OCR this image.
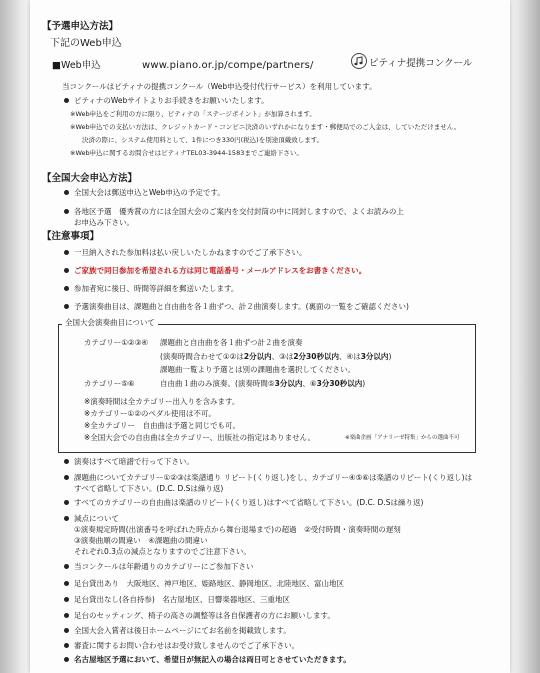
【予選申込方法】
下記のWeb申込
■Web申込	www.piano.or.jp/compe/partners/	ピティナ提携コンクール
当コンクールはピティナの提携コンクール（Web申込受付代行サービス）を利用しています。
ピティナのWebサイトよりお手続きをお願いいたします。
※Web申込をご利用の方に限り、ピティナの「ステージポイント」が加算されます。
※Web申込での支払い方法は、クレジットカード・コンビニ決済のいずれかになります・郵便局でのご入金は、していただけません。
決済の際に、システム使用料として、1件につき330円(税込)を別途頂戴致します。
※Web申込に関するお問合せはピティナTEL03-3944-1583までご連絡下さい。
【全国大会申込方法】
全国大会は郵送申込とWeb申込の予定です。
各地区予選　優秀賞の方には全国大会のご案内を交付封筒の中に同封しますので、よくお読みの上
お申込み下さい。
【注意事項】
一旦納入された参加料は払い戻しいたしかねますのでご了承下さい。
ご家族で同日参加を希望される方は同じ電話番号・メールアドレスをお書きください。
参加者宛に後日、時間等詳細を郵送いたします。
予選演奏曲目は、課題曲と自由曲を各１曲ずつ、計２曲演奏します。(裏面の一覧をご確認ください)
全国大会演奏曲目について
カテゴリー①②③④ 課題曲と自由曲を各１曲ずつ計２曲を演奏
(演奏時間合わせて①②は2分以内、③は2分30秒以内、④は3分以内)
課題曲一覧より予選とは別の課題曲を選択してください。
カテゴリー⑤⑥	自由曲１曲のみ演奏。(演奏時間⑤3分以内、⑥3分30秒以内)
※演奏時間は全カテゴリー出入りを含みます。
※カテゴリー①②のペダル使用は不可。
※全カテゴリー　自由曲は予選と同じでも可。
※全国大会での自由曲は全カテゴリー、出版社の指定はありません。	※楽曲企画「アナリーゼ特集」からの選曲不可
演奏はすべて暗譜で行って下さい。
課題曲についてカテゴリー①②③は楽譜通り リピート(くり返し)をし、カテゴリー④⑤⑥は楽譜のリピート(くり返し)は
すべて省略して下さい。(D.C. D.Sは繰り返)
すべてのカテゴリーの自由曲は楽譜のリピート(くり返し)はすべて省略して下さい。(D.C. D.Sは繰り返)
減点について
①演奏規定時間(出演番号を呼ばれた時点から舞台退場まで)の超過　②受付時間・演奏時間の遅刻
③演奏曲順の間違い　④課題曲の間違い
それぞれ0.3点の減点となりますのでご注意下さい。
当コンクールは年齢通りのカテゴリーにご参加下さい
足台貸出あり　大阪地区、神戸地区、姫路地区、静岡地区、北陸地区、富山地区
足台貸出なし(各自持参)　名古屋地区、日響楽器地区、三重地区
足台のセッティング、椅子の高さの調整等は各自保護者の方にお願いします。
全国大会入賞者は後日ホームページにてお名前を掲載致します。
審査に関するお問い合わせはお受け致しませんのでご了承下さい。
名古屋地区予選において、希望日が無記入の場合は両日可とさせていただきます。
